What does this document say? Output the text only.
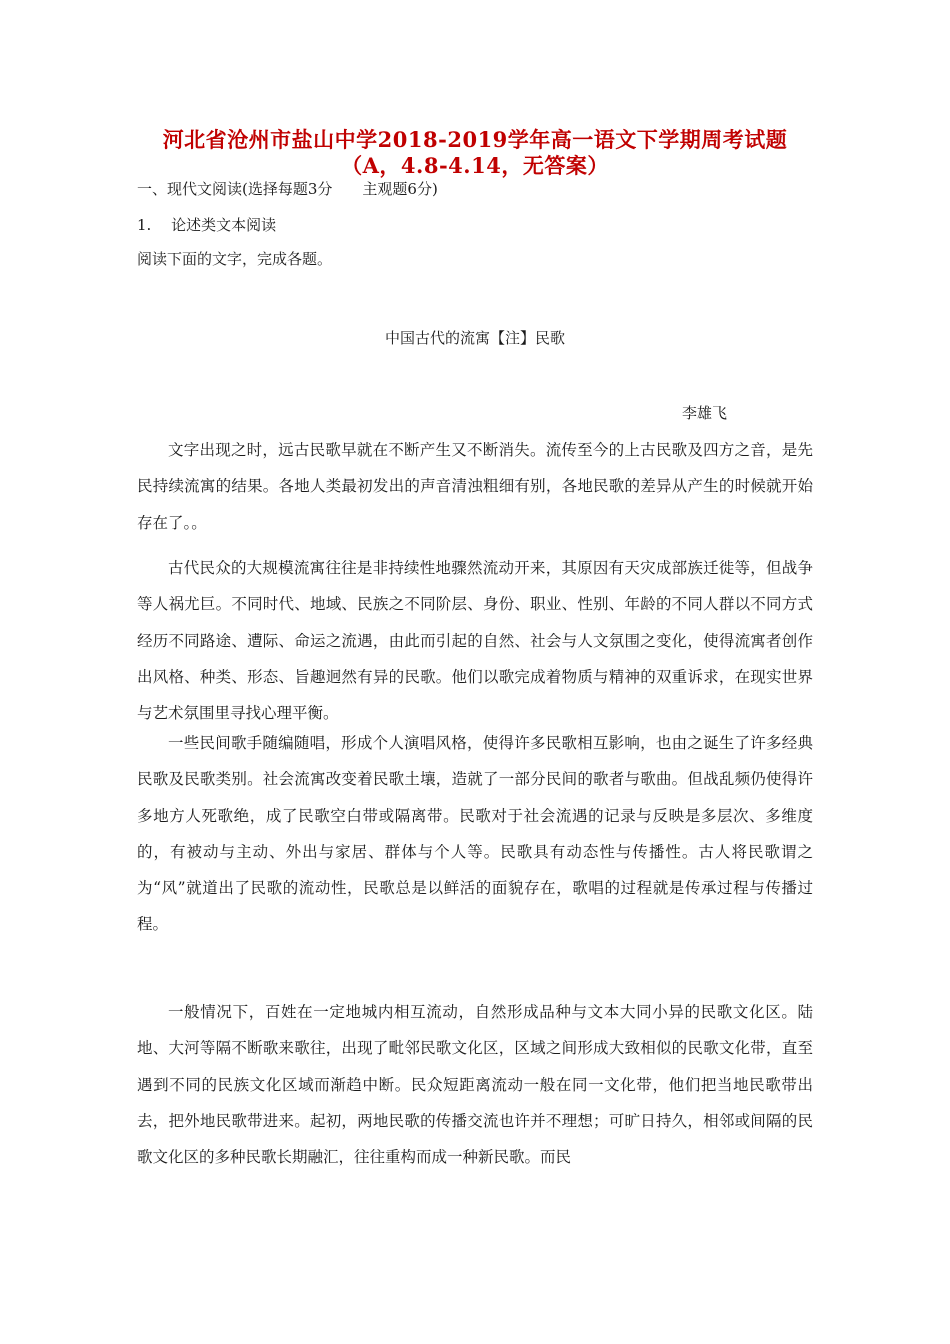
河北省沧州市盐山中学2018-2019学年高一语文下学期周考试题
（A，4.8-4.14，无答案）
一、现代文阅读(选择每题3分　　主观题6分)
1.　 论述类文本阅读
阅读下面的文字，完成各题。
中国古代的流寓【注】民歌
李雄飞

文字出现之时，远古民歌早就在不断产生又不断消失。流传至今的上古民歌及四方之音，是先民持续流寓的结果。各地人类最初发出的声音清浊粗细有别，各地民歌的差异从产生的时候就开始存在了。。

古代民众的大规模流寓往往是非持续性地骤然流动开来，其原因有天灾成部族迁徙等，但战争等人祸尤巨。不同时代、地域、民族之不同阶层、身份、职业、性别、年龄的不同人群以不同方式经历不同路途、遭际、命运之流遇，由此而引起的自然、社会与人文氛围之变化，使得流寓者创作出风格、种类、形态、旨趣迥然有异的民歌。他们以歌完成着物质与精神的双重诉求，在现实世界与艺术氛围里寻找心理平衡。

一些民间歌手随编随唱，形成个人演唱风格，使得许多民歌相互影响，也由之诞生了许多经典民歌及民歌类别。社会流寓改变着民歌土壤，造就了一部分民间的歌者与歌曲。但战乱频仍使得许多地方人死歌绝，成了民歌空白带或隔离带。民歌对于社会流遇的记录与反映是多层次、多维度的，有被动与主动、外出与家居、群体与个人等。民歌具有动态性与传播性。古人将民歌谓之为“风”就道出了民歌的流动性，民歌总是以鲜活的面貌存在，歌唱的过程就是传承过程与传播过程。

一般情况下，百姓在一定地城内相互流动，自然形成品种与文本大同小异的民歌文化区。陆地、大河等隔不断歌来歌往，出现了毗邻民歌文化区，区域之间形成大致相似的民歌文化带，直至遇到不同的民族文化区域而渐趋中断。民众短距离流动一般在同一文化带，他们把当地民歌带出去，把外地民歌带进来。起初，两地民歌的传播交流也许并不理想；可旷日持久，相邻或间隔的民歌文化区的多种民歌长期融汇，往往重构而成一种新民歌。而民
